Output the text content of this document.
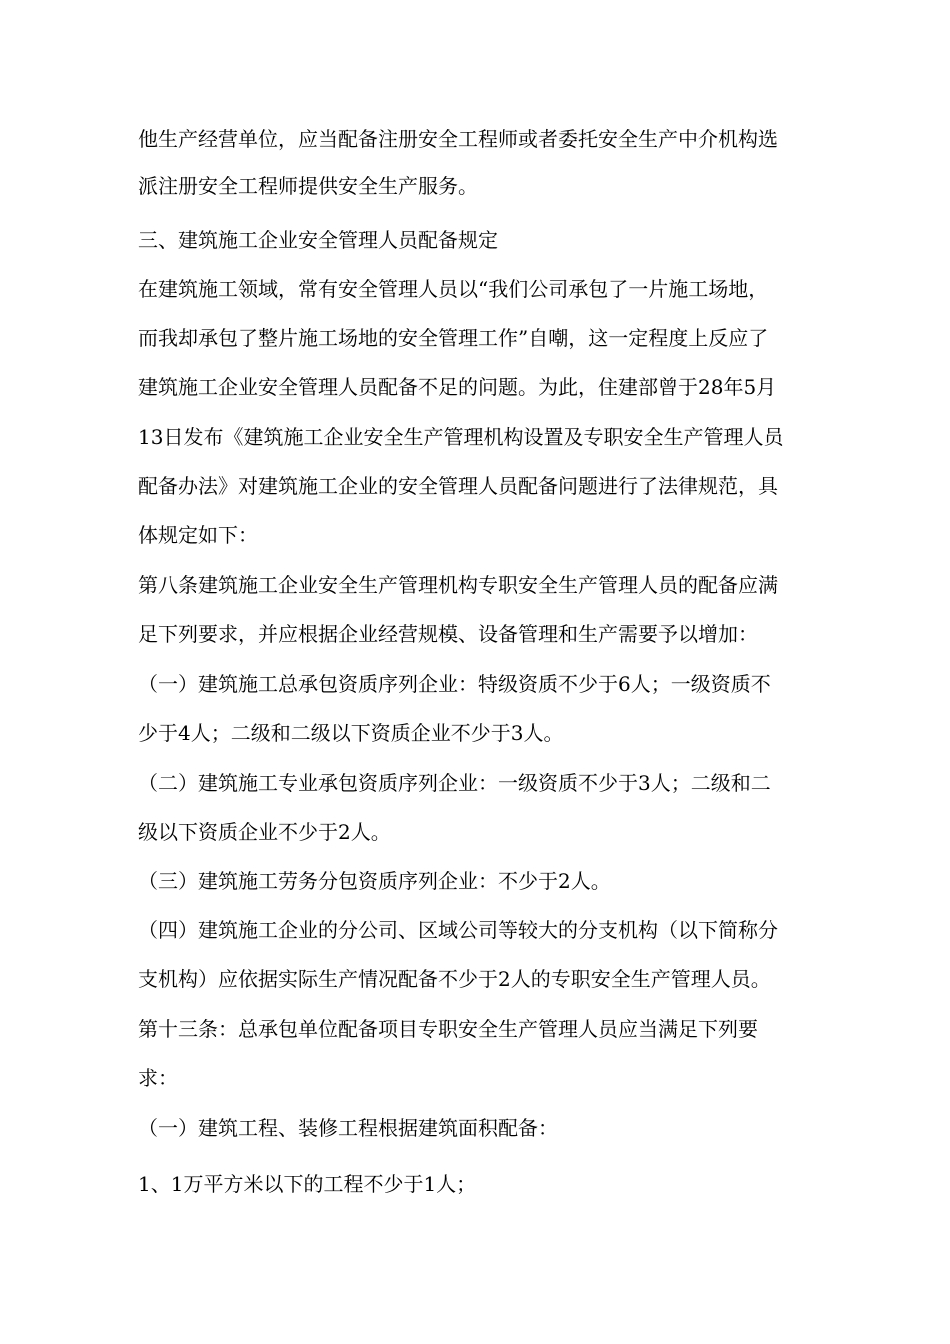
他生产经营单位，应当配备注册安全工程师或者委托安全生产中介机构选
派注册安全工程师提供安全生产服务。
三、建筑施工企业安全管理人员配备规定
在建筑施工领域，常有安全管理人员以“我们公司承包了一片施工场地，
而我却承包了整片施工场地的安全管理工作”自嘲，这一定程度上反应了
建筑施工企业安全管理人员配备不足的问题。为此，住建部曾于28年5月
13日发布《建筑施工企业安全生产管理机构设置及专职安全生产管理人员
配备办法》对建筑施工企业的安全管理人员配备问题进行了法律规范，具
体规定如下：
第八条建筑施工企业安全生产管理机构专职安全生产管理人员的配备应满
足下列要求，并应根据企业经营规模、设备管理和生产需要予以增加：
（一）建筑施工总承包资质序列企业：特级资质不少于6人；一级资质不
少于4人；二级和二级以下资质企业不少于3人。
（二）建筑施工专业承包资质序列企业：一级资质不少于3人；二级和二
级以下资质企业不少于2人。
（三）建筑施工劳务分包资质序列企业：不少于2人。
（四）建筑施工企业的分公司、区域公司等较大的分支机构（以下简称分
支机构）应依据实际生产情况配备不少于2人的专职安全生产管理人员。
第十三条：总承包单位配备项目专职安全生产管理人员应当满足下列要
求：
（一）建筑工程、装修工程根据建筑面积配备：
1、1万平方米以下的工程不少于1人；
